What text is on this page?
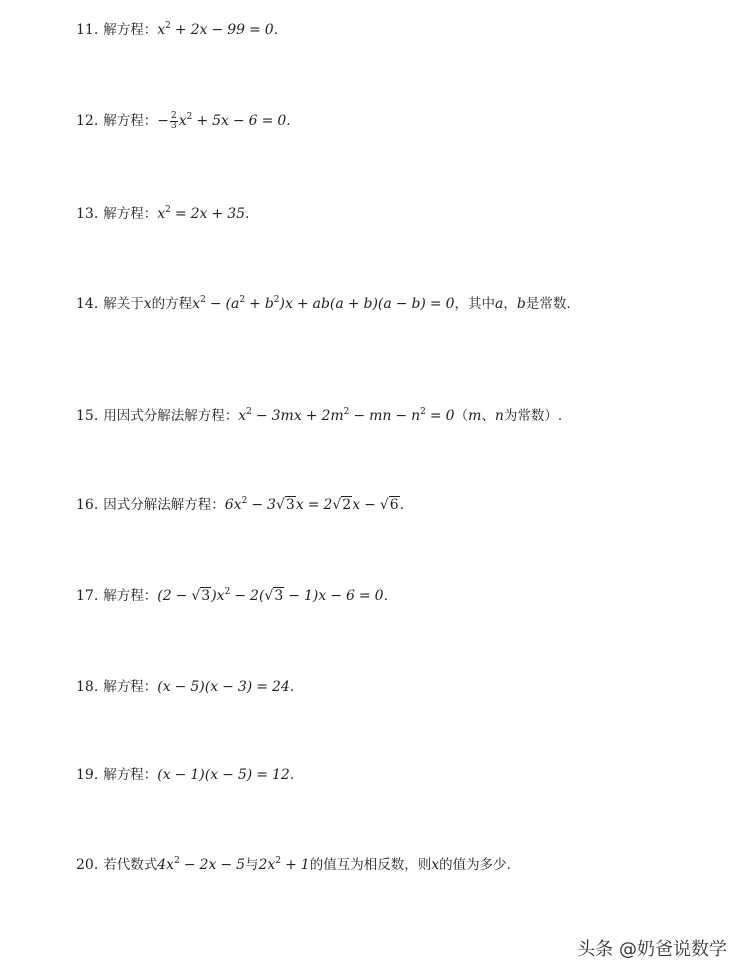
11. 解方程：$x^2 + 2x - 99 = 0$.
12. 解方程：− $\frac{2}{3} x^2 + 5x - 6 = 0$.
13. 解方程：$x^2 = 2x + 35$.
14. 解关于x的方程$x^2 - (a^2 + b^2)x + ab(a + b)(a - b) = 0$，其中a，b是常数.
15. 用因式分解法解方程：$x^2 - 3mx + 2m^2$ − mn − $n^2 = 0(m$、n为常数）.
16. 因式分解法解方程：$6x^2 - 3√3x = 2√2x - √6$.
17. 解方程：$(2 - √3)x^2 - 2(√3 - 1)x - 6 = 0$.
18. 解方程：(x − 5)(x − 3) = 24.
19. 解方程：(x − 1)(x − 5) = 12.
20. 若代数式$4x^2 - 2x - 5$与$2x^2 + 1$的值互为相反数，则x的值为多少.
头条 @奶爸说数学
